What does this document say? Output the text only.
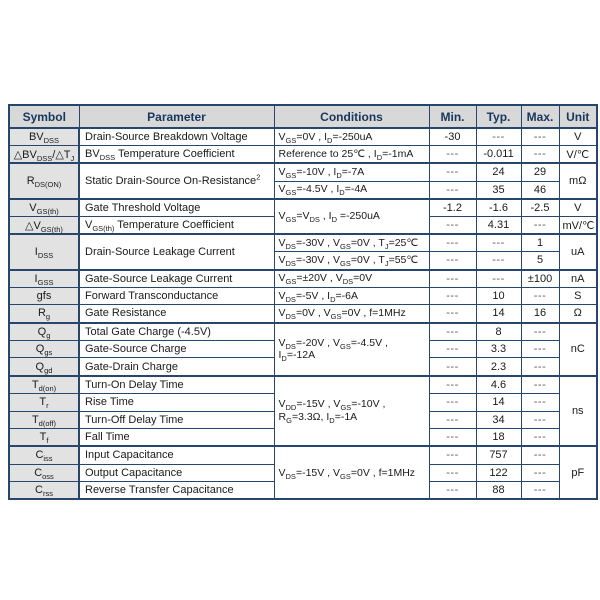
Symbol	Parameter	Conditions	Min.	Typ.	Max.	Unit
$BV_{DSS}$	Drain-Source Breakdown Voltage	$V_{GS}=0V$ , $I_D=-250uA$	-30	---	---	V
$\triangle BV_{DSS}/\triangle T_J$	$BV_{DSS}$ Temperature Coefficient	Reference to 25℃ , $I_D=-1mA$	---	-0.011	---	V/℃
$R_{DS(ON)}$	Static Drain-Source On-Resistance$^2$	$V_{GS}=-10V$ , $I_D=-7A$	---	24	29	mΩ
		$V_{GS}=-4.5V$ , $I_D=-4A$	---	35	46	
$V_{GS(th)}$	Gate Threshold Voltage	$V_{GS}=V_{DS}$ , $I_D =-250uA$	-1.2	-1.6	-2.5	V
$\triangle V_{GS(th)}$	$V_{GS(th)}$ Temperature Coefficient		---	4.31	---	mV/℃
$I_{DSS}$	Drain-Source Leakage Current	$V_{DS}=-30V$ , $V_{GS}=0V$ , $T_J=25℃$	---	---	1	uA
		$V_{DS}=-30V$ , $V_{GS}=0V$ , $T_J=55℃$	---	---	5	
$I_{GSS}$	Gate-Source Leakage Current	$V_{GS}=\pm 20V$ , $V_{DS}=0V$	---	---	±100	nA
gfs	Forward Transconductance	$V_{DS}=-5V$ , $I_D=-6A$	---	10	---	S
$R_g$	Gate Resistance	$V_{DS}=0V$ , $V_{GS}=0V$ , f=1MHz	---	14	16	Ω
$Q_g$	Total Gate Charge (-4.5V)	$V_{DS}=-20V$ , $V_{GS}=-4.5V$ , $I_D=-12A$	---	8	---	nC
$Q_{gs}$	Gate-Source Charge		---	3.3	---	
$Q_{gd}$	Gate-Drain Charge		---	2.3	---	
$T_{d(on)}$	Turn-On Delay Time	$V_{DD}=-15V$ , $V_{GS}=-10V$ , $R_G=3.3\Omega$, $I_D=-1A$	---	4.6	---	ns
$T_r$	Rise Time		---	14	---	
$T_{d(off)}$	Turn-Off Delay Time		---	34	---	
$T_f$	Fall Time		---	18	---	
$C_{iss}$	Input Capacitance	$V_{DS}=-15V$ , $V_{GS}=0V$ , f=1MHz	---	757	---	pF
$C_{oss}$	Output Capacitance		---	122	---	
$C_{rss}$	Reverse Transfer Capacitance		---	88	---	
